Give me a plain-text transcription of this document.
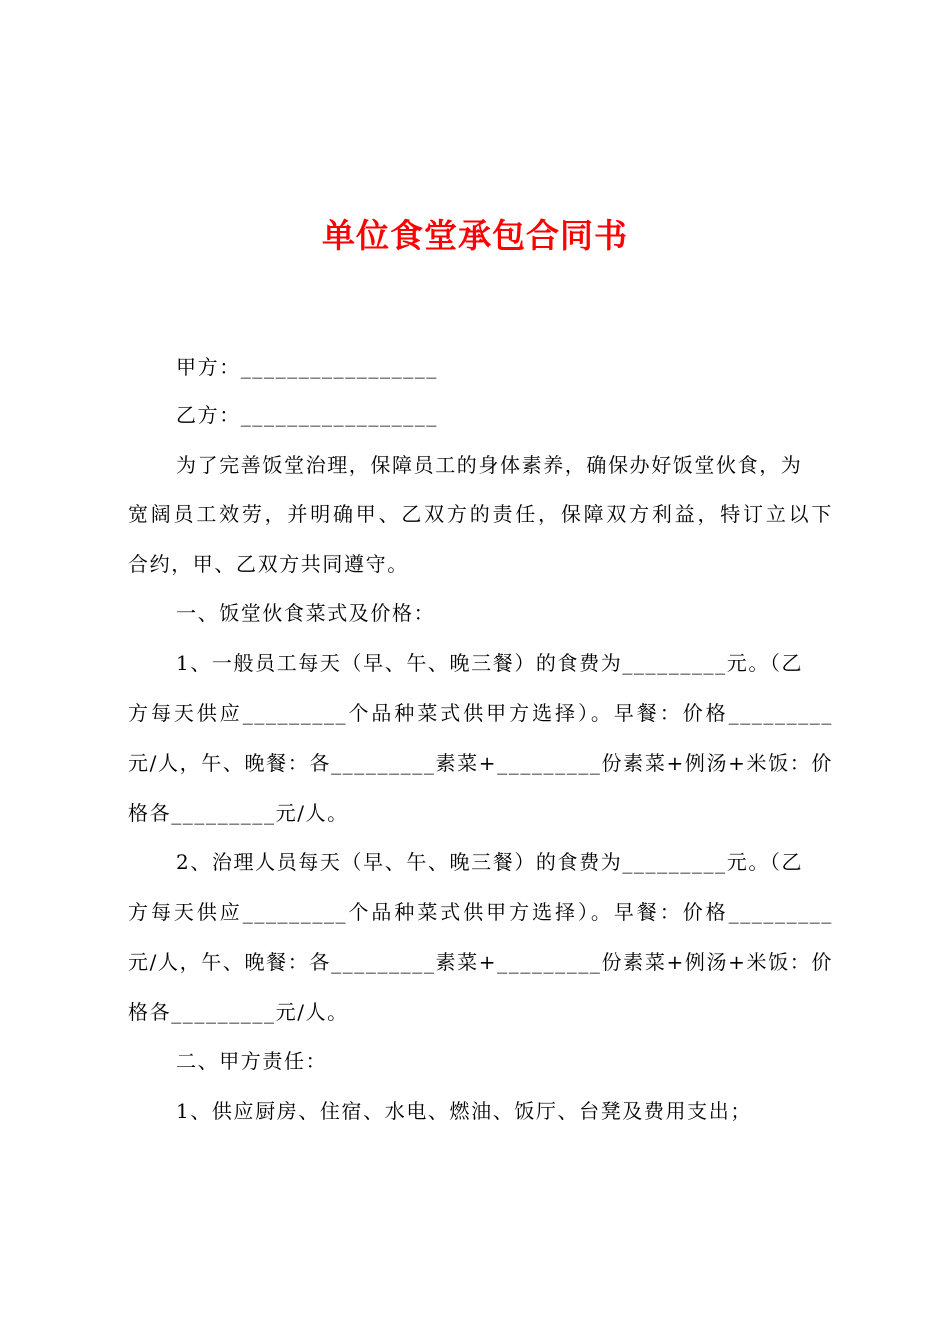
单位食堂承包合同书
甲方：_________________
乙方：_________________
为了完善饭堂治理，保障员工的身体素养，确保办好饭堂伙食，为
宽阔员工效劳，并明确甲、乙双方的责任，保障双方利益，特订立以下
合约，甲、乙双方共同遵守。
一、饭堂伙食菜式及价格：
1、一般员工每天（早、午、晚三餐）的食费为_________元。（乙
方每天供应_________个品种菜式供甲方选择）。早餐：价格_________
元/人，午、晚餐：各_________素菜+_________份素菜+例汤+米饭：价
格各_________元/人。
2、治理人员每天（早、午、晚三餐）的食费为_________元。（乙
方每天供应_________个品种菜式供甲方选择）。早餐：价格_________
元/人，午、晚餐：各_________素菜+_________份素菜+例汤+米饭：价
格各_________元/人。
二、甲方责任：
1、供应厨房、住宿、水电、燃油、饭厅、台凳及费用支出；
